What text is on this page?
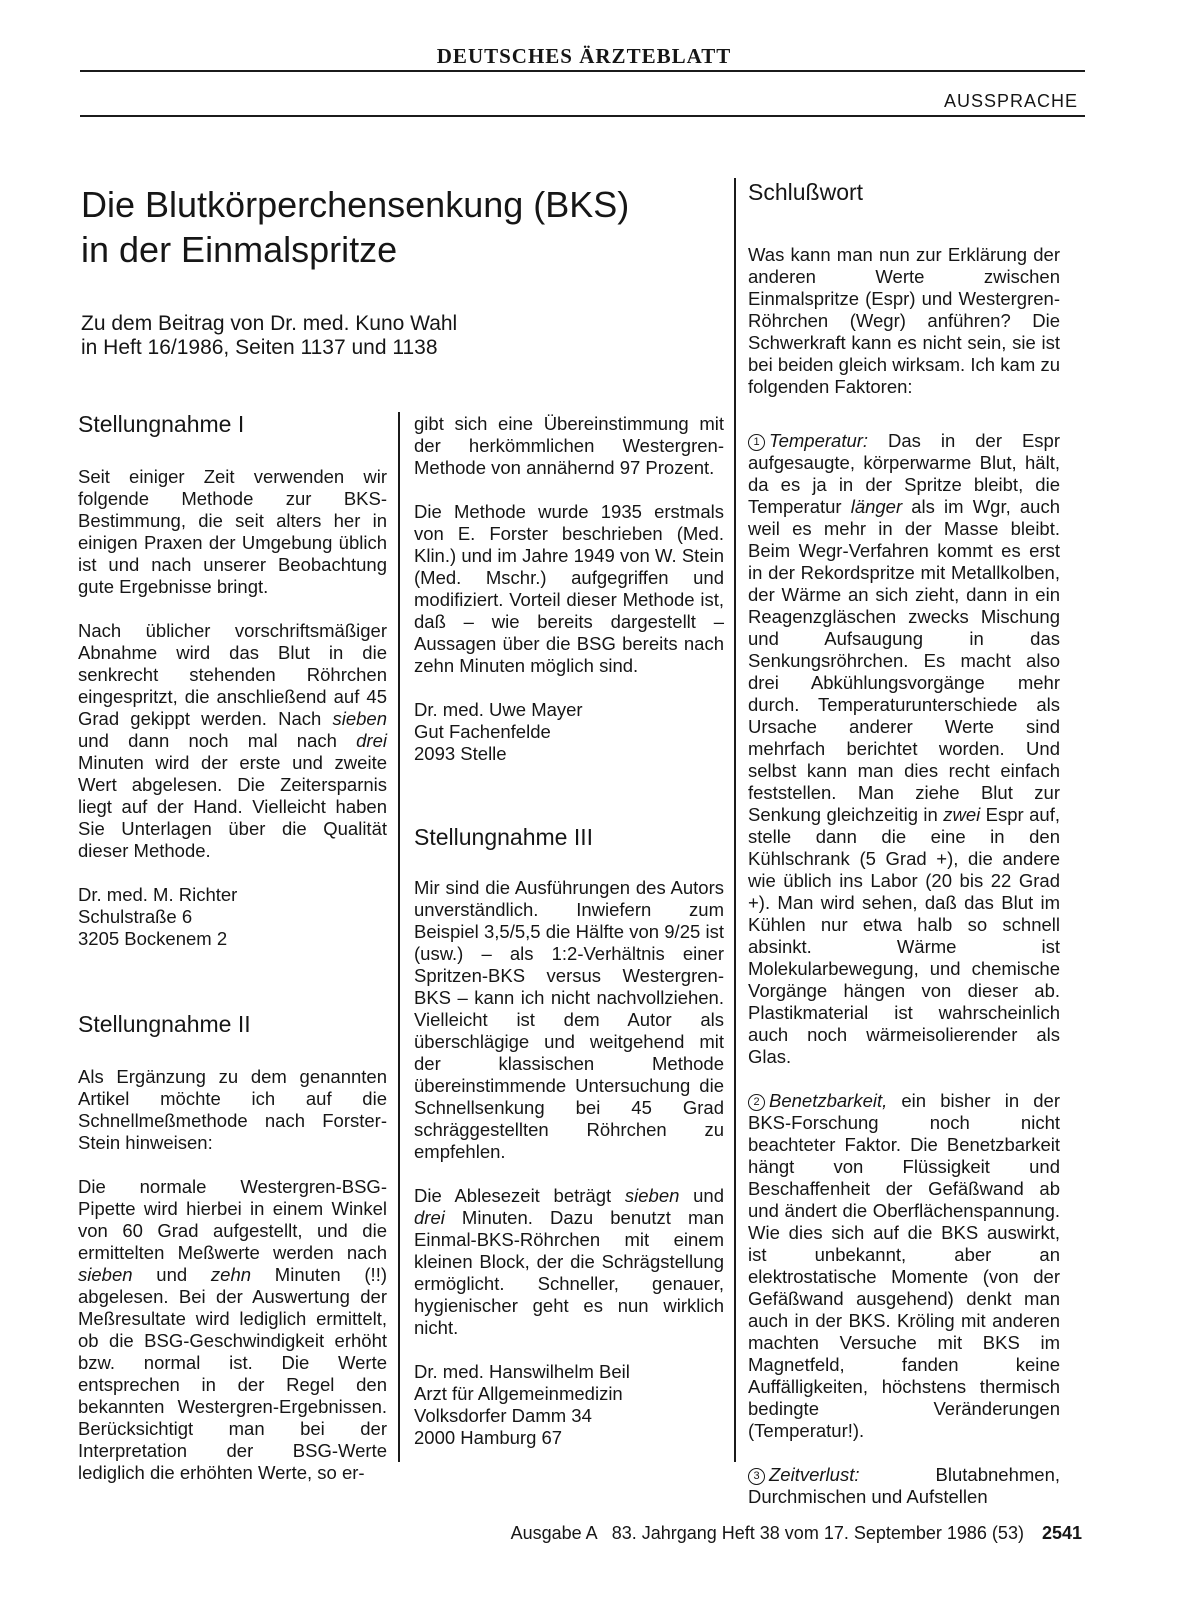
DEUTSCHES ÄRZTEBLATT
AUSSPRACHE
Die Blutkörperchensenkung (BKS)
in der Einmalspritze
Zu dem Beitrag von Dr. med. Kuno Wahl
in Heft 16/1986, Seiten 1137 und 1138
Stellungnahme I

Seit einiger Zeit verwenden wir folgende Methode zur BKS-Bestimmung, die seit alters her in einigen Praxen der Umgebung üblich ist und nach unserer Beobachtung gute Ergebnisse bringt.

Nach üblicher vorschriftsmäßiger Abnahme wird das Blut in die senkrecht stehenden Röhrchen eingespritzt, die anschließend auf 45 Grad gekippt werden. Nach sieben und dann noch mal nach drei Minuten wird der erste und zweite Wert abgelesen. Die Zeitersparnis liegt auf der Hand. Vielleicht haben Sie Unterlagen über die Qualität dieser Methode.

Dr. med. M. Richter
Schulstraße 6
3205 Bockenem 2
Stellungnahme II

Als Ergänzung zu dem genannten Artikel möchte ich auf die Schnellmeßmethode nach Forster-Stein hinweisen:

Die normale Westergren-BSG-Pipette wird hierbei in einem Winkel von 60 Grad aufgestellt, und die ermittelten Meßwerte werden nach sieben und zehn Minuten (!!) abgelesen. Bei der Auswertung der Meßresultate wird lediglich ermittelt, ob die BSG-Geschwindigkeit erhöht bzw. normal ist. Die Werte entsprechen in der Regel den bekannten Westergren-Ergebnissen. Berücksichtigt man bei der Interpretation der BSG-Werte lediglich die erhöhten Werte, so er-

gibt sich eine Übereinstimmung mit der herkömmlichen Westergren-Methode von annähernd 97 Prozent.

Die Methode wurde 1935 erstmals von E. Forster beschrieben (Med. Klin.) und im Jahre 1949 von W. Stein (Med. Mschr.) aufgegriffen und modifiziert. Vorteil dieser Methode ist, daß – wie bereits dargestellt – Aussagen über die BSG bereits nach zehn Minuten möglich sind.

Dr. med. Uwe Mayer
Gut Fachenfelde
2093 Stelle
Stellungnahme III

Mir sind die Ausführungen des Autors unverständlich. Inwiefern zum Beispiel 3,5/5,5 die Hälfte von 9/25 ist (usw.) – als 1:2-Verhältnis einer Spritzen-BKS versus Westergren-BKS – kann ich nicht nachvollziehen. Vielleicht ist dem Autor als überschlägige und weitgehend mit der klassischen Methode übereinstimmende Untersuchung die Schnellsenkung bei 45 Grad schräggestellten Röhrchen zu empfehlen.

Die Ablesezeit beträgt sieben und drei Minuten. Dazu benutzt man Einmal-BKS-Röhrchen mit einem kleinen Block, der die Schrägstellung ermöglicht. Schneller, genauer, hygienischer geht es nun wirklich nicht.

Dr. med. Hanswilhelm Beil
Arzt für Allgemeinmedizin
Volksdorfer Damm 34
2000 Hamburg 67
Schlußwort

Was kann man nun zur Erklärung der anderen Werte zwischen Einmalspritze (Espr) und Westergren-Röhrchen (Wegr) anführen? Die Schwerkraft kann es nicht sein, sie ist bei beiden gleich wirksam. Ich kam zu folgenden Faktoren:

1 Temperatur: Das in der Espr aufgesaugte, körperwarme Blut, hält, da es ja in der Spritze bleibt, die Temperatur länger als im Wgr, auch weil es mehr in der Masse bleibt. Beim Wegr-Verfahren kommt es erst in der Rekordspritze mit Metallkolben, der Wärme an sich zieht, dann in ein Reagenzgläschen zwecks Mischung und Aufsaugung in das Senkungsröhrchen. Es macht also drei Abkühlungsvorgänge mehr durch. Temperaturunterschiede als Ursache anderer Werte sind mehrfach berichtet worden. Und selbst kann man dies recht einfach feststellen. Man ziehe Blut zur Senkung gleichzeitig in zwei Espr auf, stelle dann die eine in den Kühlschrank (5 Grad +), die andere wie üblich ins Labor (20 bis 22 Grad +). Man wird sehen, daß das Blut im Kühlen nur etwa halb so schnell absinkt. Wärme ist Molekularbewegung, und chemische Vorgänge hängen von dieser ab. Plastikmaterial ist wahrscheinlich auch noch wärmeisolierender als Glas.

2 Benetzbarkeit, ein bisher in der BKS-Forschung noch nicht beachteter Faktor. Die Benetzbarkeit hängt von Flüssigkeit und Beschaffenheit der Gefäßwand ab und ändert die Oberflächenspannung. Wie dies sich auf die BKS auswirkt, ist unbekannt, aber an elektrostatische Momente (von der Gefäßwand ausgehend) denkt man auch in der BKS. Kröling mit anderen machten Versuche mit BKS im Magnetfeld, fanden keine Auffälligkeiten, höchstens thermisch bedingte Veränderungen (Temperatur!).

3 Zeitverlust: Blutabnehmen, Durchmischen und Aufstellen

Ausgabe A   83. Jahrgang Heft 38 vom 17. September 1986 (53) 2541
